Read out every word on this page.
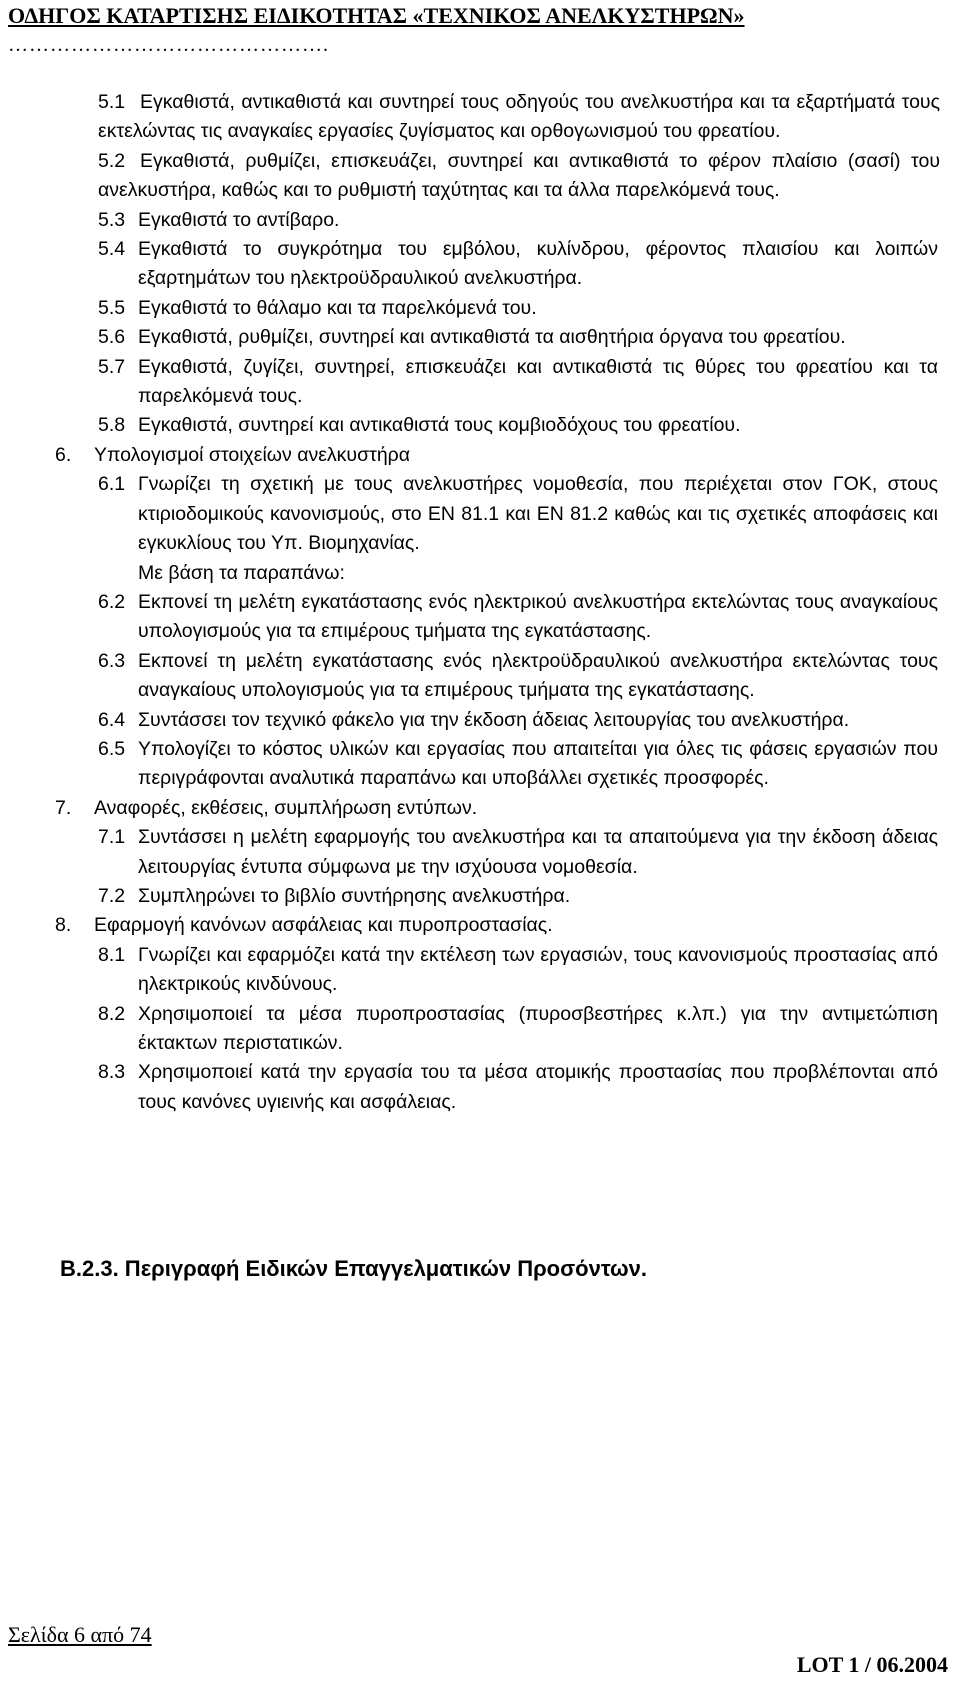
ΟΔΗΓΟΣ ΚΑΤΑΡΤΙΣΗΣ ΕΙΔΙΚΟΤΗΤΑΣ «ΤΕΧΝΙΚΟΣ ΑΝΕΛΚΥΣΤΗΡΩΝ»
……………………………………….
5.1 Εγκαθιστά, αντικαθιστά και συντηρεί τους οδηγούς του ανελκυστήρα και τα εξαρτήματά τους εκτελώντας τις αναγκαίες εργασίες ζυγίσματος και ορθογωνισμού του φρεατίου.
5.2 Εγκαθιστά, ρυθμίζει, επισκευάζει, συντηρεί και αντικαθιστά το φέρον πλαίσιο (σασί) του ανελκυστήρα, καθώς και το ρυθμιστή ταχύτητας και τα άλλα παρελκόμενά τους.
5.3 Εγκαθιστά το αντίβαρο.
5.4 Εγκαθιστά το συγκρότημα του εμβόλου, κυλίνδρου, φέροντος πλαισίου και λοιπών εξαρτημάτων του ηλεκτροϋδραυλικού ανελκυστήρα.
5.5 Εγκαθιστά το θάλαμο και τα παρελκόμενά του.
5.6 Εγκαθιστά, ρυθμίζει, συντηρεί και αντικαθιστά τα αισθητήρια όργανα του φρεατίου.
5.7 Εγκαθιστά, ζυγίζει, συντηρεί, επισκευάζει και αντικαθιστά τις θύρες του φρεατίου και τα παρελκόμενά τους.
5.8 Εγκαθιστά, συντηρεί και αντικαθιστά τους κομβιοδόχους του φρεατίου.
6. Υπολογισμοί στοιχείων ανελκυστήρα
6.1 Γνωρίζει τη σχετική με τους ανελκυστήρες νομοθεσία, που περιέχεται στον ΓΟΚ, στους κτιριοδομικούς κανονισμούς, στο ΕΝ 81.1 και ΕΝ 81.2 καθώς και τις σχετικές αποφάσεις και εγκυκλίους του Υπ. Βιομηχανίας.
Με βάση τα παραπάνω:
6.2 Εκπονεί τη μελέτη εγκατάστασης ενός ηλεκτρικού ανελκυστήρα εκτελώντας τους αναγκαίους υπολογισμούς για τα επιμέρους τμήματα της εγκατάστασης.
6.3 Εκπονεί τη μελέτη εγκατάστασης ενός ηλεκτροϋδραυλικού ανελκυστήρα εκτελώντας τους αναγκαίους υπολογισμούς για τα επιμέρους τμήματα της εγκατάστασης.
6.4 Συντάσσει τον τεχνικό φάκελο για την έκδοση άδειας λειτουργίας του ανελκυστήρα.
6.5 Υπολογίζει το κόστος υλικών και εργασίας που απαιτείται για όλες τις φάσεις εργασιών που περιγράφονται αναλυτικά παραπάνω και υποβάλλει σχετικές προσφορές.
7. Αναφορές, εκθέσεις, συμπλήρωση εντύπων.
7.1 Συντάσσει η μελέτη εφαρμογής του ανελκυστήρα και τα απαιτούμενα για την έκδοση άδειας λειτουργίας έντυπα σύμφωνα με την ισχύουσα νομοθεσία.
7.2 Συμπληρώνει το βιβλίο συντήρησης ανελκυστήρα.
8. Εφαρμογή κανόνων ασφάλειας και πυροπροστασίας.
8.1 Γνωρίζει και εφαρμόζει κατά την εκτέλεση των εργασιών, τους κανονισμούς προστασίας από ηλεκτρικούς κινδύνους.
8.2 Χρησιμοποιεί τα μέσα πυροπροστασίας (πυροσβεστήρες κ.λπ.) για την αντιμετώπιση έκτακτων περιστατικών.
8.3 Χρησιμοποιεί κατά την εργασία του τα μέσα ατομικής προστασίας που προβλέπονται από τους κανόνες υγιεινής και ασφάλειας.
Β.2.3. Περιγραφή Ειδικών Επαγγελματικών Προσόντων.
Σελίδα 6 από 74
LOT 1 / 06.2004
